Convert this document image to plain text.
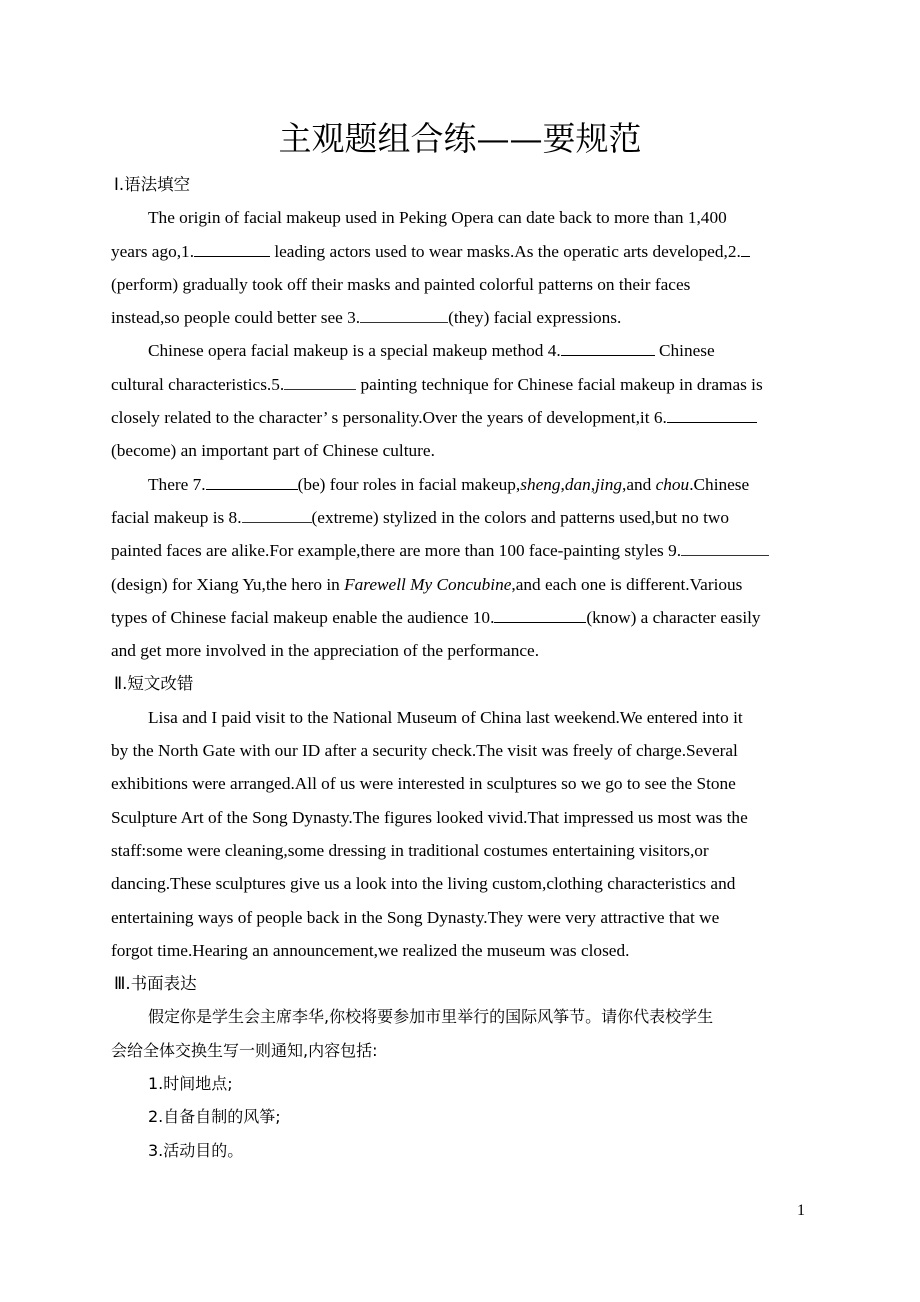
主观题组合练——要规范
Ⅰ.语法填空
The origin of facial makeup used in Peking Opera can date back to more than 1,400
years ago,1.	leading actors used to wear masks.As the operatic arts developed,2.
(perform) gradually took off their masks and painted colorful patterns on their faces
instead,so people could better see 3.	(they) facial expressions.
Chinese opera facial makeup is a special makeup method 4.	Chinese
cultural characteristics.5.	painting technique for Chinese facial makeup in dramas is
closely related to the character’ s personality.Over the years of development,it 6.
(become) an important part of Chinese culture.
There 7.	(be) four roles in facial makeup,sheng,dan,jing,and chou.Chinese
facial makeup is 8.	(extreme) stylized in the colors and patterns used,but no two
painted faces are alike.For example,there are more than 100 face-painting styles 9.
(design) for Xiang Yu,the hero in Farewell My Concubine,and each one is different.Various
types of Chinese facial makeup enable the audience 10.	(know) a character easily
and get more involved in the appreciation of the performance.
Ⅱ.短文改错
Lisa and I paid visit to the National Museum of China last weekend.We entered into it
by the North Gate with our ID after a security check.The visit was freely of charge.Several
exhibitions were arranged.All of us were interested in sculptures so we go to see the Stone
Sculpture Art of the Song Dynasty.The figures looked vivid.That impressed us most was the
staff:some were cleaning,some dressing in traditional costumes entertaining visitors,or
dancing.These sculptures give us a look into the living custom,clothing characteristics and
entertaining ways of people back in the Song Dynasty.They were very attractive that we
forgot time.Hearing an announcement,we realized the museum was closed.
Ⅲ.书面表达
假定你是学生会主席李华,你校将要参加市里举行的国际风筝节。请你代表校学生
会给全体交换生写一则通知,内容包括:
1.时间地点;
2.自备自制的风筝;
3.活动目的。
1
